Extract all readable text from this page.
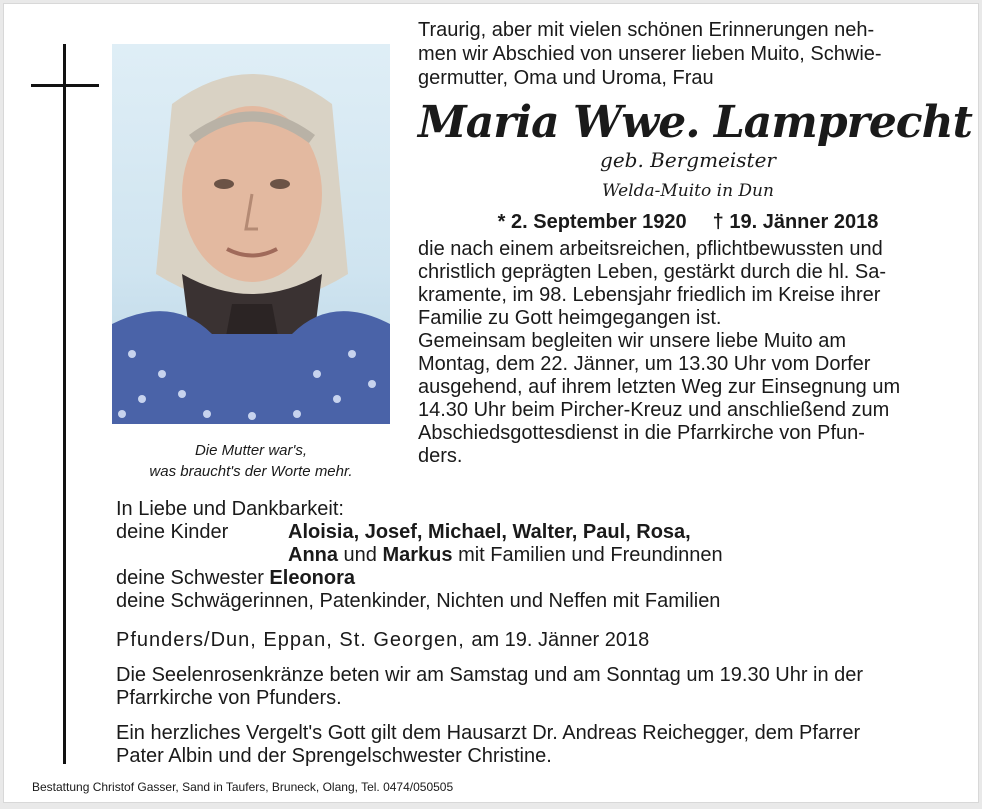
Die Mutter war's,
was braucht's der Worte mehr.
Traurig, aber mit vielen schönen Erinnerungen neh-
men wir Abschied von unserer lieben Muito, Schwie-
germutter, Oma und Uroma, Frau
Maria Wwe. Lamprecht
geb. Bergmeister
Welda-Muito in Dun
* 2. September 1920 † 19. Jänner 2018
die nach einem arbeitsreichen, pflichtbewussten und
christlich geprägten Leben, gestärkt durch die hl. Sa-
kramente, im 98. Lebensjahr friedlich im Kreise ihrer
Familie zu Gott heimgegangen ist.
Gemeinsam begleiten wir unsere liebe Muito am
Montag, dem 22. Jänner, um 13.30 Uhr vom Dorfer
ausgehend, auf ihrem letzten Weg zur Einsegnung um
14.30 Uhr beim Pircher-Kreuz und anschließend zum
Abschiedsgottesdienst in die Pfarrkirche von Pfun-
ders.
In Liebe und Dankbarkeit:
deine Kinder	Aloisia, Josef, Michael, Walter, Paul, Rosa,
Anna und Markus mit Familien und Freundinnen
deine Schwester Eleonora
deine Schwägerinnen, Patenkinder, Nichten und Neffen mit Familien
Pfunders/Dun, Eppan, St. Georgen, am 19. Jänner 2018
Die Seelenrosenkränze beten wir am Samstag und am Sonntag um 19.30 Uhr in der
Pfarrkirche von Pfunders.
Ein herzliches Vergelt's Gott gilt dem Hausarzt Dr. Andreas Reichegger, dem Pfarrer
Pater Albin und der Sprengelschwester Christine.
Bestattung Christof Gasser, Sand in Taufers, Bruneck, Olang, Tel. 0474/050505
